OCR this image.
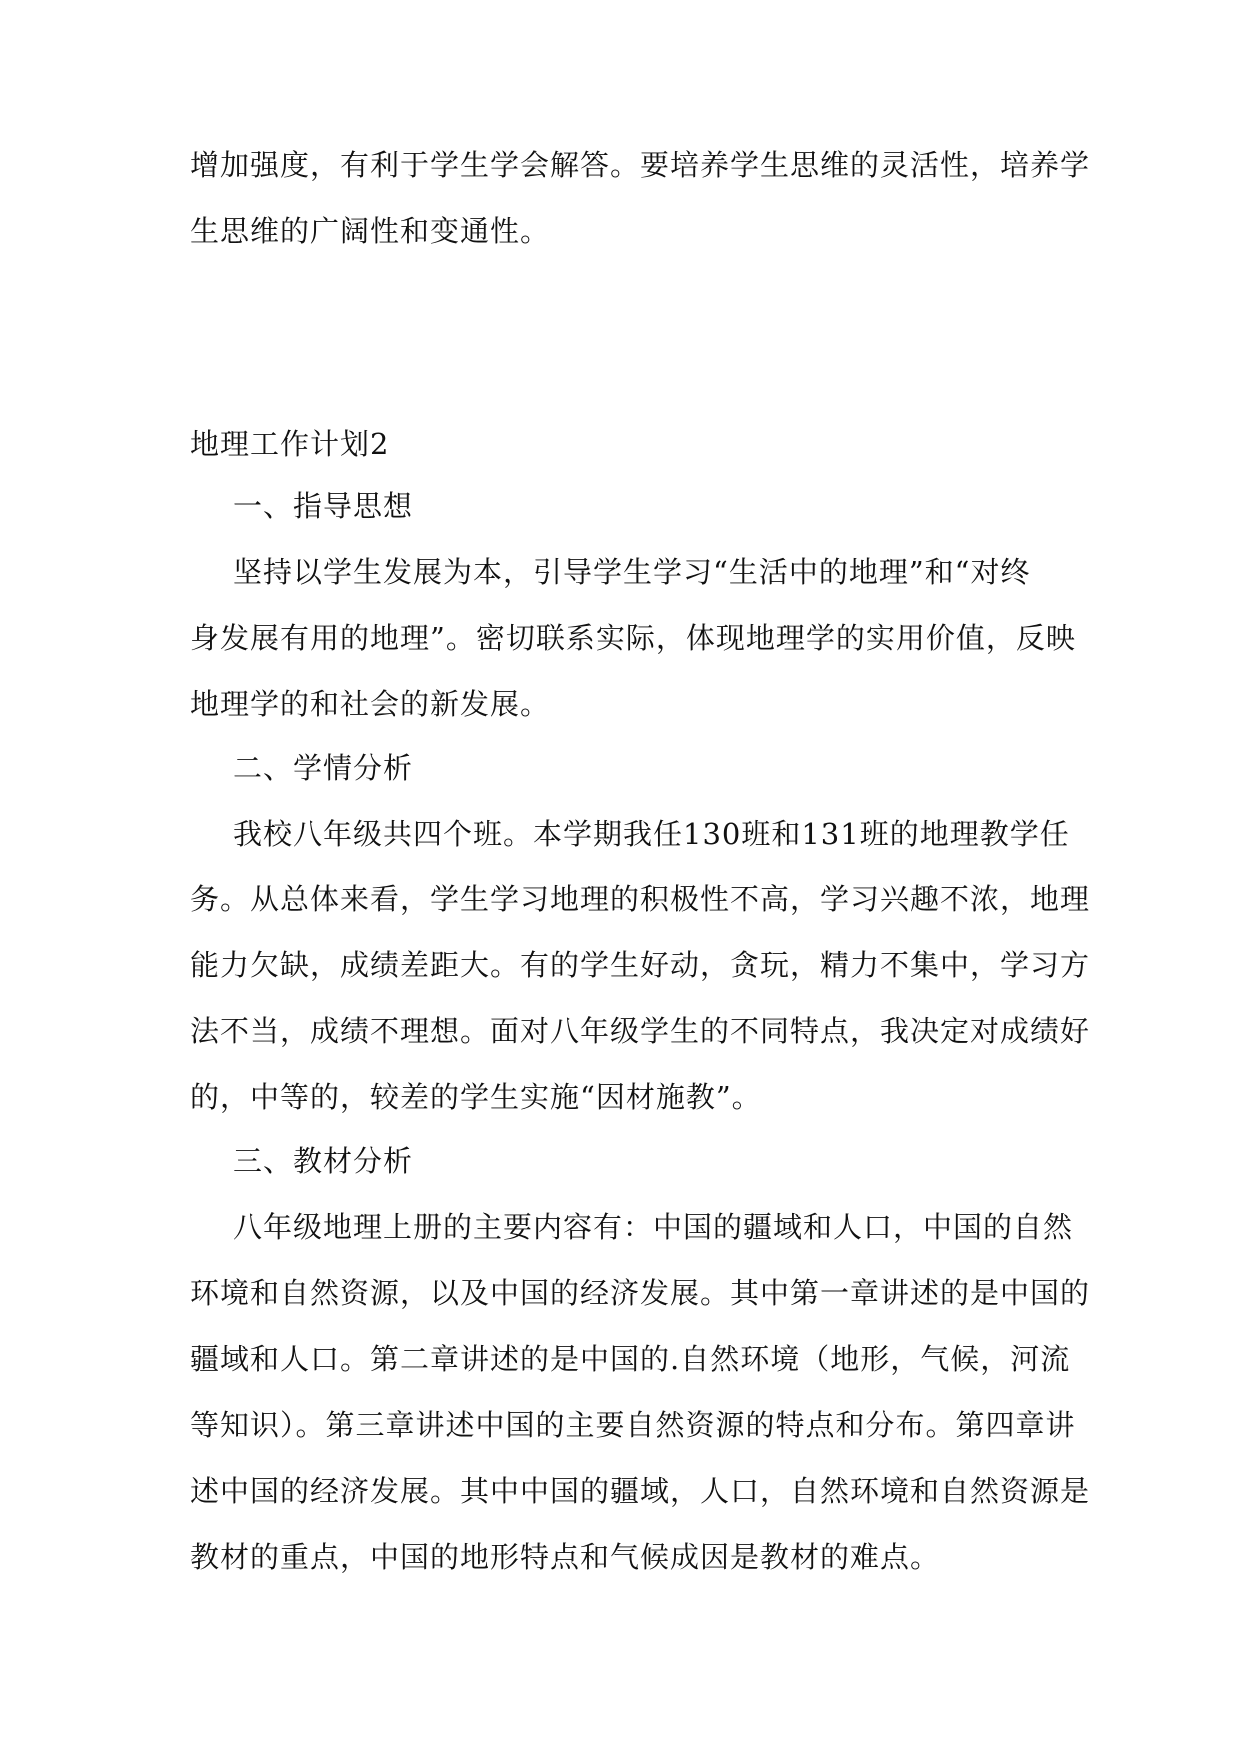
增加强度，有利于学生学会解答。要培养学生思维的灵活性，培养学
生思维的广阔性和变通性。
地理工作计划2
一、指导思想
坚持以学生发展为本，引导学生学习“生活中的地理”和“对终
身发展有用的地理”。密切联系实际，体现地理学的实用价值，反映
地理学的和社会的新发展。
二、学情分析
我校八年级共四个班。本学期我任130班和131班的地理教学任
务。从总体来看，学生学习地理的积极性不高，学习兴趣不浓，地理
能力欠缺，成绩差距大。有的学生好动，贪玩，精力不集中，学习方
法不当，成绩不理想。面对八年级学生的不同特点，我决定对成绩好
的，中等的，较差的学生实施“因材施教”。
三、教材分析
八年级地理上册的主要内容有：中国的疆域和人口，中国的自然
环境和自然资源，以及中国的经济发展。其中第一章讲述的是中国的
疆域和人口。第二章讲述的是中国的.自然环境（地形，气候，河流
等知识）。第三章讲述中国的主要自然资源的特点和分布。第四章讲
述中国的经济发展。其中中国的疆域，人口，自然环境和自然资源是
教材的重点，中国的地形特点和气候成因是教材的难点。
